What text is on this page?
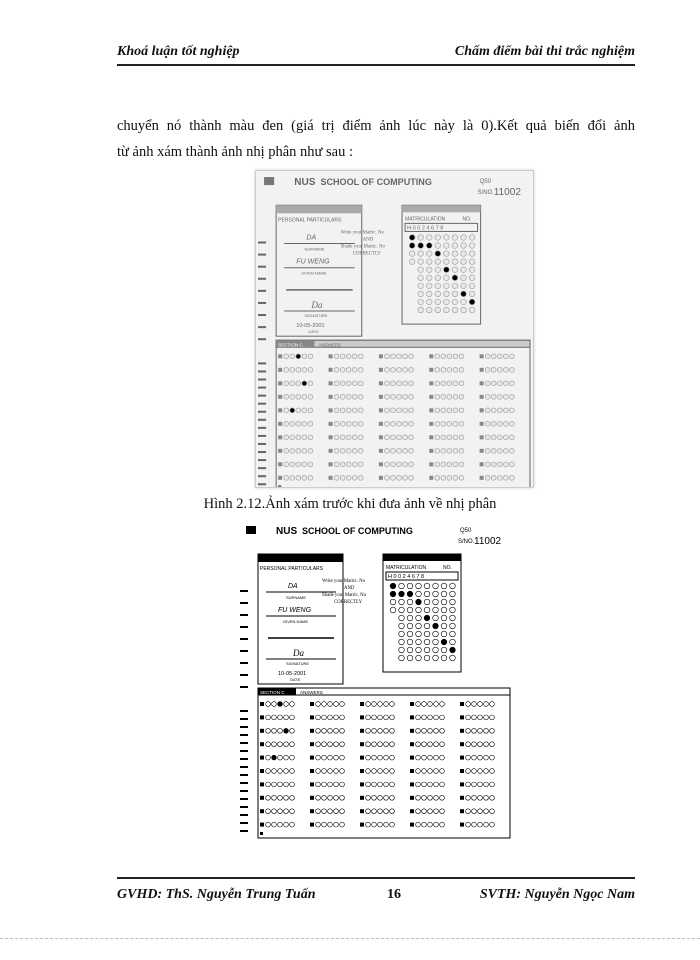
Khoá luận tốt nghiệp	Chấm điểm bài thi trắc nghiệm
chuyển nó thành màu đen (giá trị điểm ảnh lúc này là 0).Kết quả biến đổi ảnh
từ ảnh xám thành ảnh nhị phân như sau :
NUS SCHOOL OF COMPUTING	Q50
S/NO. 11002
PERSONAL PARTICULARS
DA
SURNAME
FU WENG
GIVEN NAME
Da
SIGNATURE
10-05-2001
DATE
Write your Matric. No
AND
Shade your Matric. No
CORRECTLY
MATRICULATION	NO.
H 0 0 2 4 6 7 8
SECTION C	ANSWERS
Hình 2.12.Ảnh xám trước khi đưa ảnh về nhị phân
NUS SCHOOL OF COMPUTING	Q50
S/NO. 11002
PERSONAL PARTICULARS
DA
SURNAME
FU WENG
GIVEN NAME
Da
SIGNATURE
10-05-2001
DATE
Write your Matric. No
AND
Shade your Matric. No
CORRECTLY
MATRICULATION	NO.
H 0 0 2 4 6 7 8
SECTION C	ANSWERS
GVHD: ThS. Nguyễn Trung Tuấn	16	SVTH: Nguyễn Ngọc Nam
